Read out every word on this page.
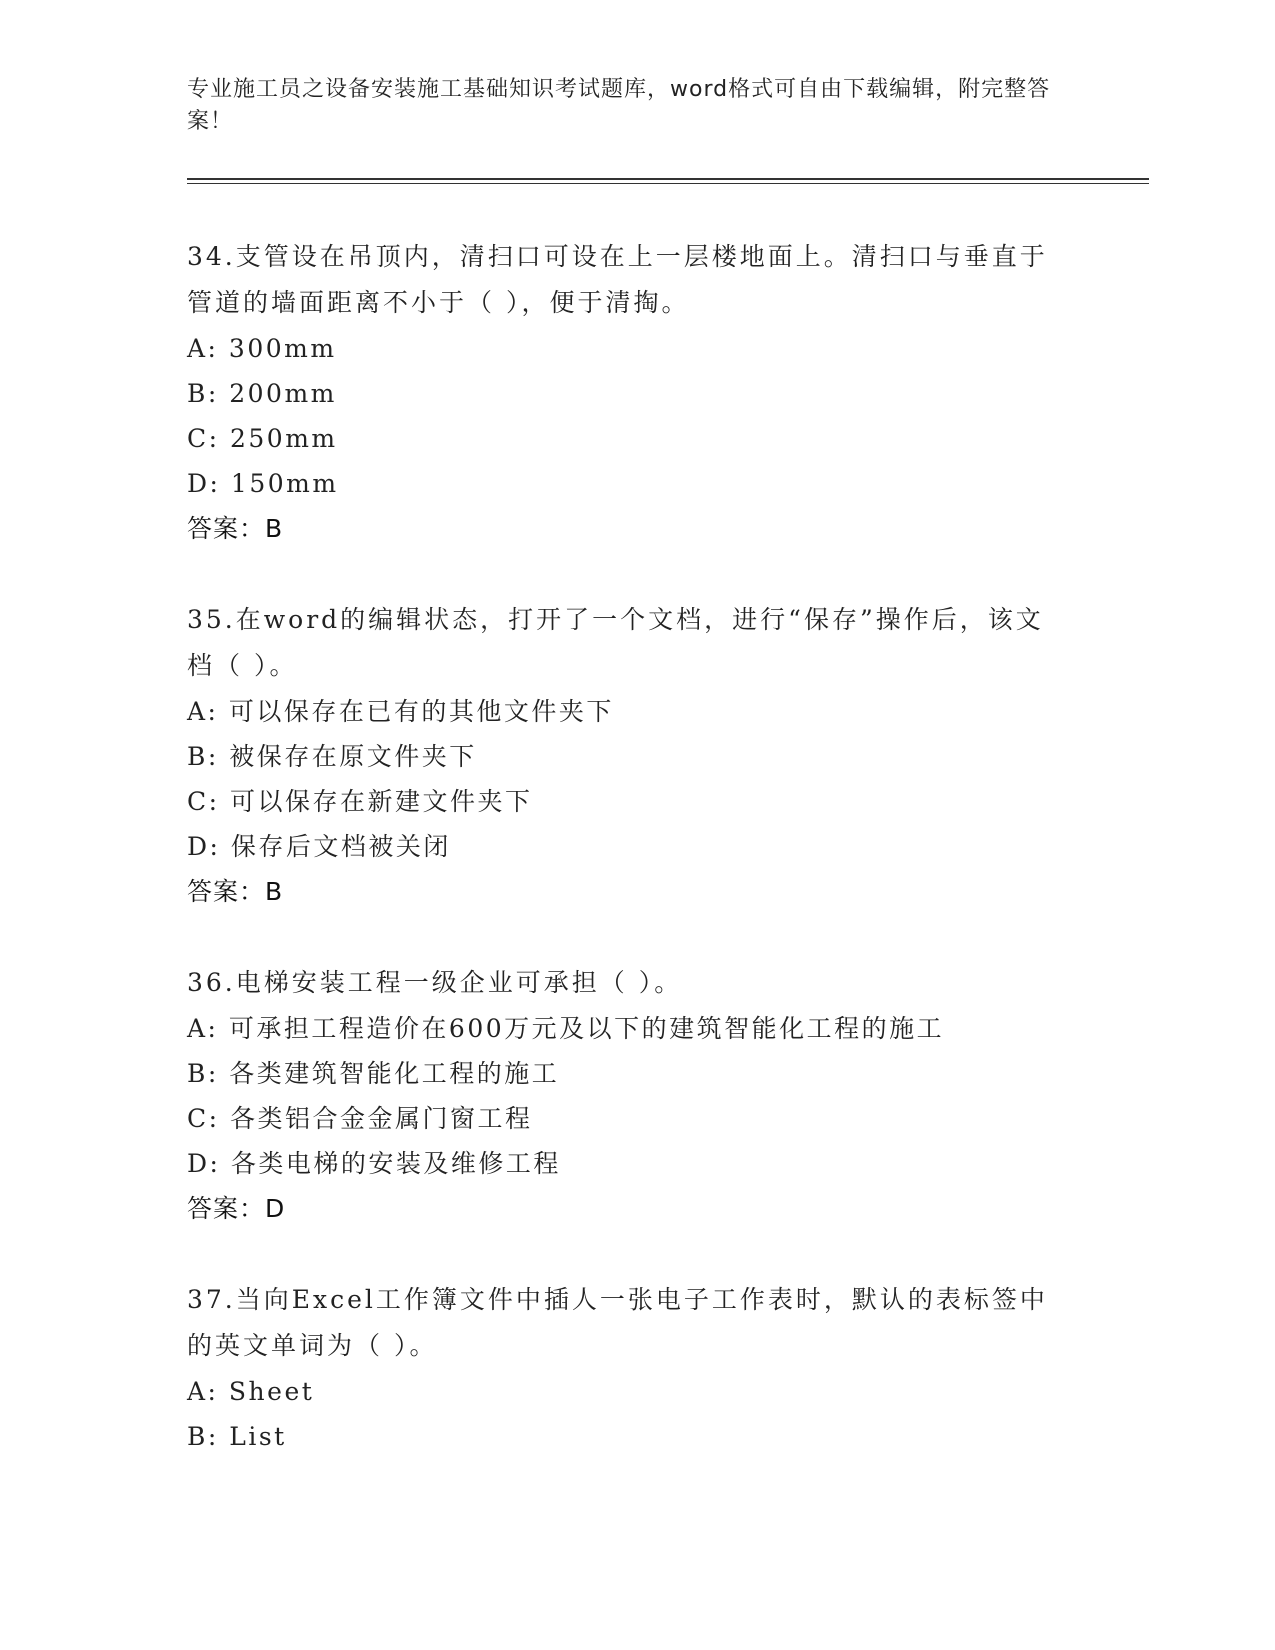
专业施工员之设备安装施工基础知识考试题库，word格式可自由下载编辑，附完整答案！

34.支管设在吊顶内，清扫口可设在上一层楼地面上。清扫口与垂直于管道的墙面距离不小于（ ），便于清掏。

A: 300mm

B: 200mm

C: 250mm

D: 150mm

答案：B

35.在word的编辑状态，打开了一个文档，进行“保存”操作后，该文档（ ）。

A: 可以保存在已有的其他文件夹下

B: 被保存在原文件夹下

C: 可以保存在新建文件夹下

D: 保存后文档被关闭

答案：B

36.电梯安装工程一级企业可承担（ ）。

A: 可承担工程造价在600万元及以下的建筑智能化工程的施工

B: 各类建筑智能化工程的施工

C: 各类铝合金金属门窗工程

D: 各类电梯的安装及维修工程

答案：D

37.当向Excel工作簿文件中插人一张电子工作表时，默认的表标签中的英文单词为（ ）。

A: Sheet

B: List
